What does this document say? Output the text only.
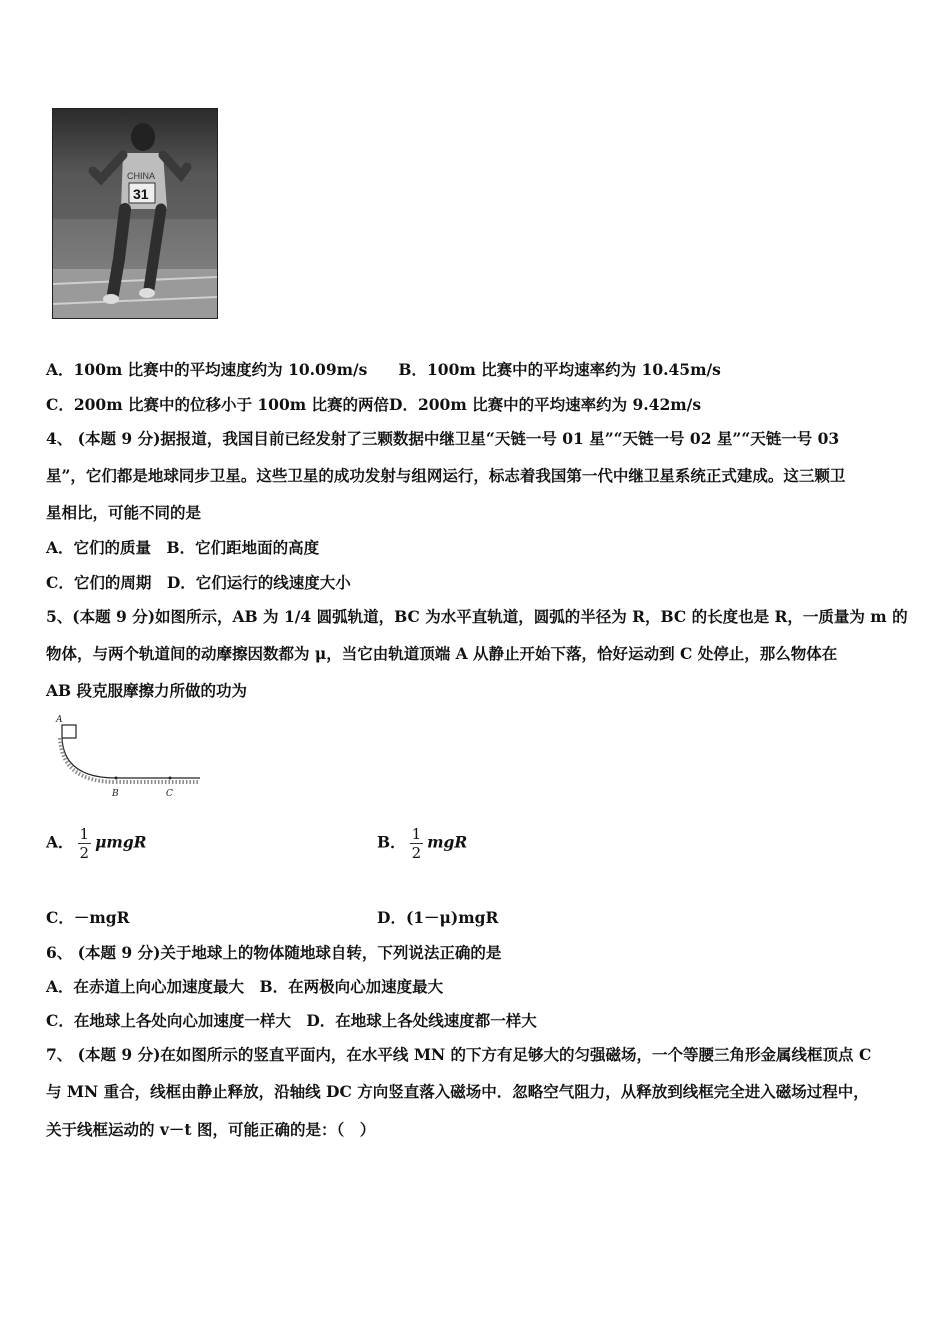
CHINA
31
A．100m 比赛中的平均速度约为 10.09m/s　　B．100m 比赛中的平均速率约为 10.45m/s
C．200m 比赛中的位移小于 100m 比赛的两倍D．200m 比赛中的平均速率约为 9.42m/s
4、 (本题 9 分)据报道，我国目前已经发射了三颗数据中继卫星“天链一号 01 星”“天链一号 02 星”“天链一号 03
星”，它们都是地球同步卫星。这些卫星的成功发射与组网运行，标志着我国第一代中继卫星系统正式建成。这三颗卫
星相比，可能不同的是
A．它们的质量　B．它们距地面的高度
C．它们的周期　D．它们运行的线速度大小
5、(本题 9 分)如图所示，AB 为 1/4 圆弧轨道，BC 为水平直轨道，圆弧的半径为 R，BC 的长度也是 R，一质量为 m 的
物体，与两个轨道间的动摩擦因数都为 μ，当它由轨道顶端 A 从静止开始下落，恰好运动到 C 处停止，那么物体在
AB 段克服摩擦力所做的功为
A
B	C
A． $\frac{1}{2}$ μmgR	B． $\frac{1}{2}$ mgR
C．－mgR	D．(1－μ)mgR
6、 (本题 9 分)关于地球上的物体随地球自转，下列说法正确的是
A．在赤道上向心加速度最大　B．在两极向心加速度最大
C．在地球上各处向心加速度一样大　D．在地球上各处线速度都一样大
7、 (本题 9 分)在如图所示的竖直平面内，在水平线 MN 的下方有足够大的匀强磁场，一个等腰三角形金属线框顶点 C
与 MN 重合，线框由静止释放，沿轴线 DC 方向竖直落入磁场中．忽略空气阻力，从释放到线框完全进入磁场过程中，
关于线框运动的 v－t 图，可能正确的是：（　）
